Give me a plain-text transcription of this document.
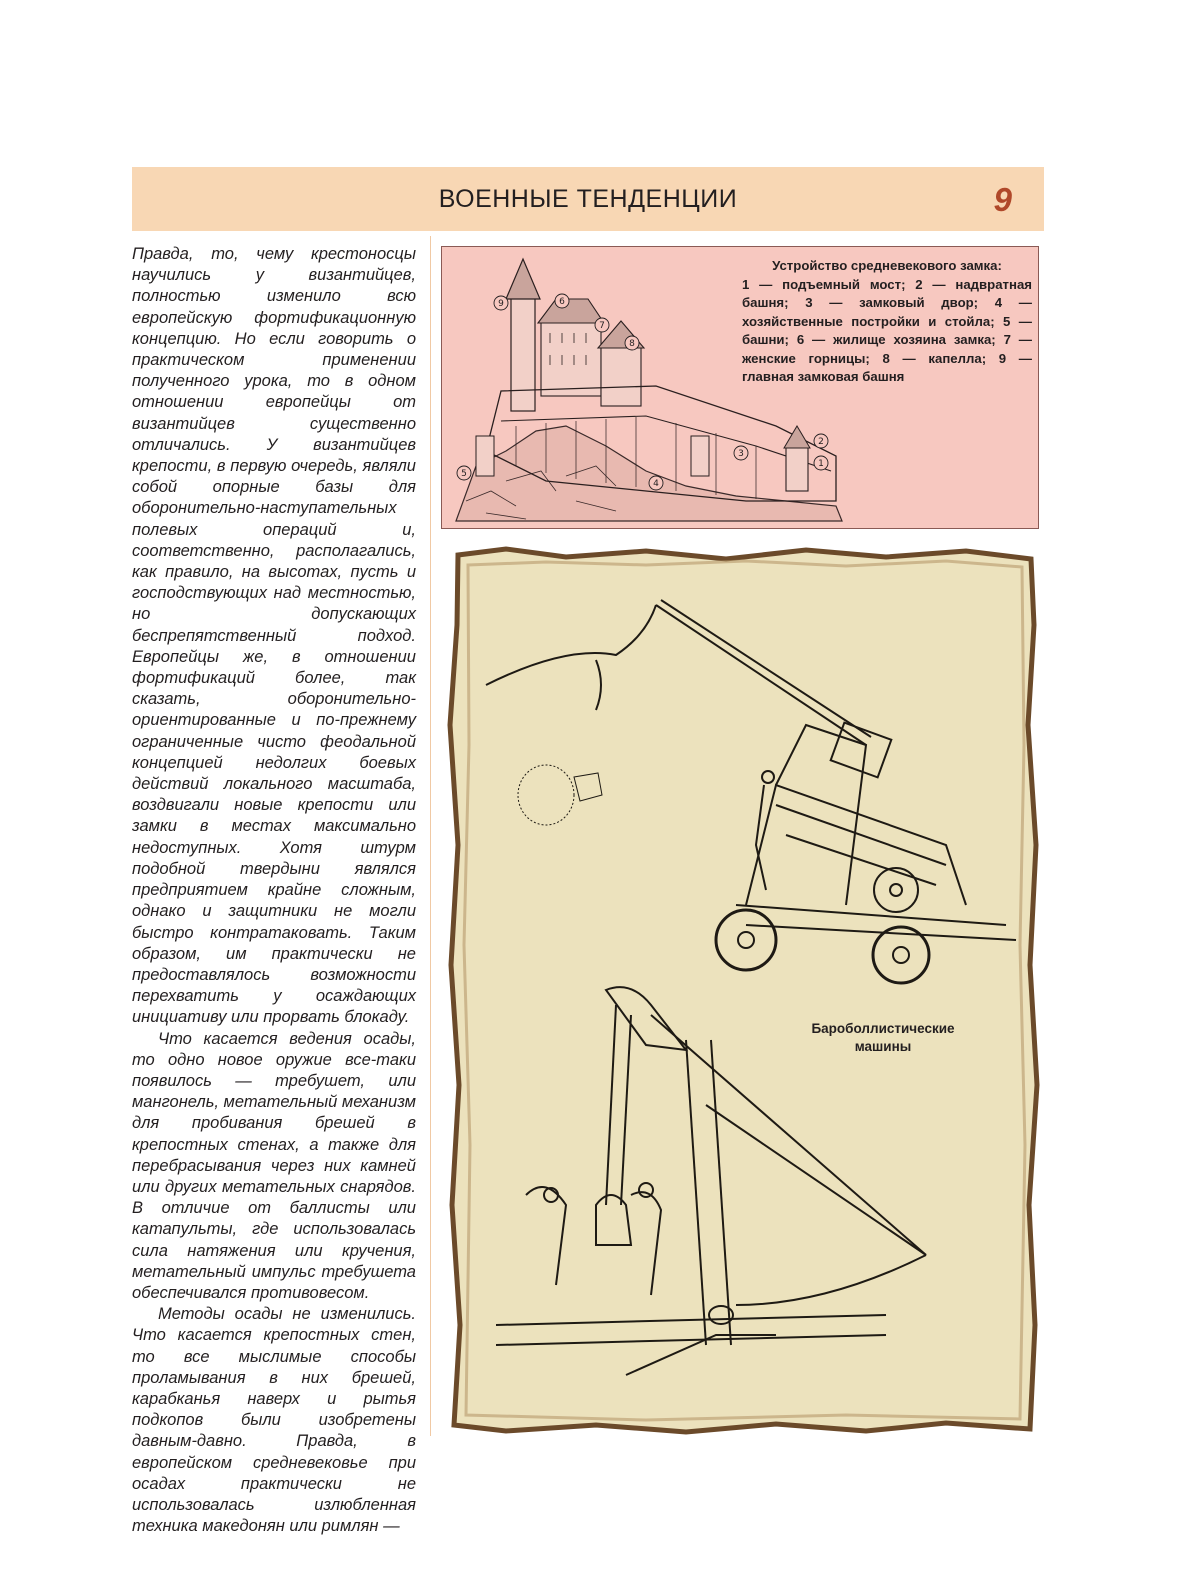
ВОЕННЫЕ ТЕНДЕНЦИИ	9

Правда, то, чему крестоносцы научились у византийцев, полностью изменило всю европейскую фортификационную концепцию. Но если говорить о практическом применении полученного урока, то в одном отношении европейцы от византийцев существенно отличались. У византийцев крепости, в первую очередь, являли собой опорные базы для оборонительно-наступательных полевых операций и, соответственно, располагались, как правило, на высотах, пусть и господствующих над местностью, но допускающих беспрепятственный подход. Европейцы же, в отношении фортификаций более, так сказать, оборонительно-ориентированные и по-прежнему ограниченные чисто феодальной концепцией недолгих боевых действий локального масштаба, воздвигали новые крепости или замки в местах максимально недоступных. Хотя штурм подобной твердыни являлся предприятием крайне сложным, однако и защитники не могли быстро контратаковать. Таким образом, им практически не предоставлялось возможности перехватить у осаждающих инициативу или прорвать блокаду.

Что касается ведения осады, то одно новое оружие все-таки появилось — требушет, или мангонель, метательный механизм для пробивания брешей в крепостных стенах, а также для перебрасывания через них камней или других метательных снарядов. В отличие от баллисты или катапульты, где использовалась сила натяжения или кручения, метательный импульс требушета обеспечивался противовесом.

Методы осады не изменились. Что касается крепостных стен, то все мыслимые способы проламывания в них брешей, карабканья наверх и рытья подкопов были изобретены давным-давно. Правда, в европейском средневековье при осадах практически не использовалась излюбленная техника македонян или римлян —

1
2
3
4
5
6
7
8
9
Устройство средневекового замка:
1 — подъемный мост; 2 — надвратная башня; 3 — замковый двор; 4 — хозяйственные постройки и стойла; 5 — башни; 6 — жилище хозяина замка; 7 — женские горницы; 8 — капелла; 9 — главная замковая башня
Бароболлистические машины
